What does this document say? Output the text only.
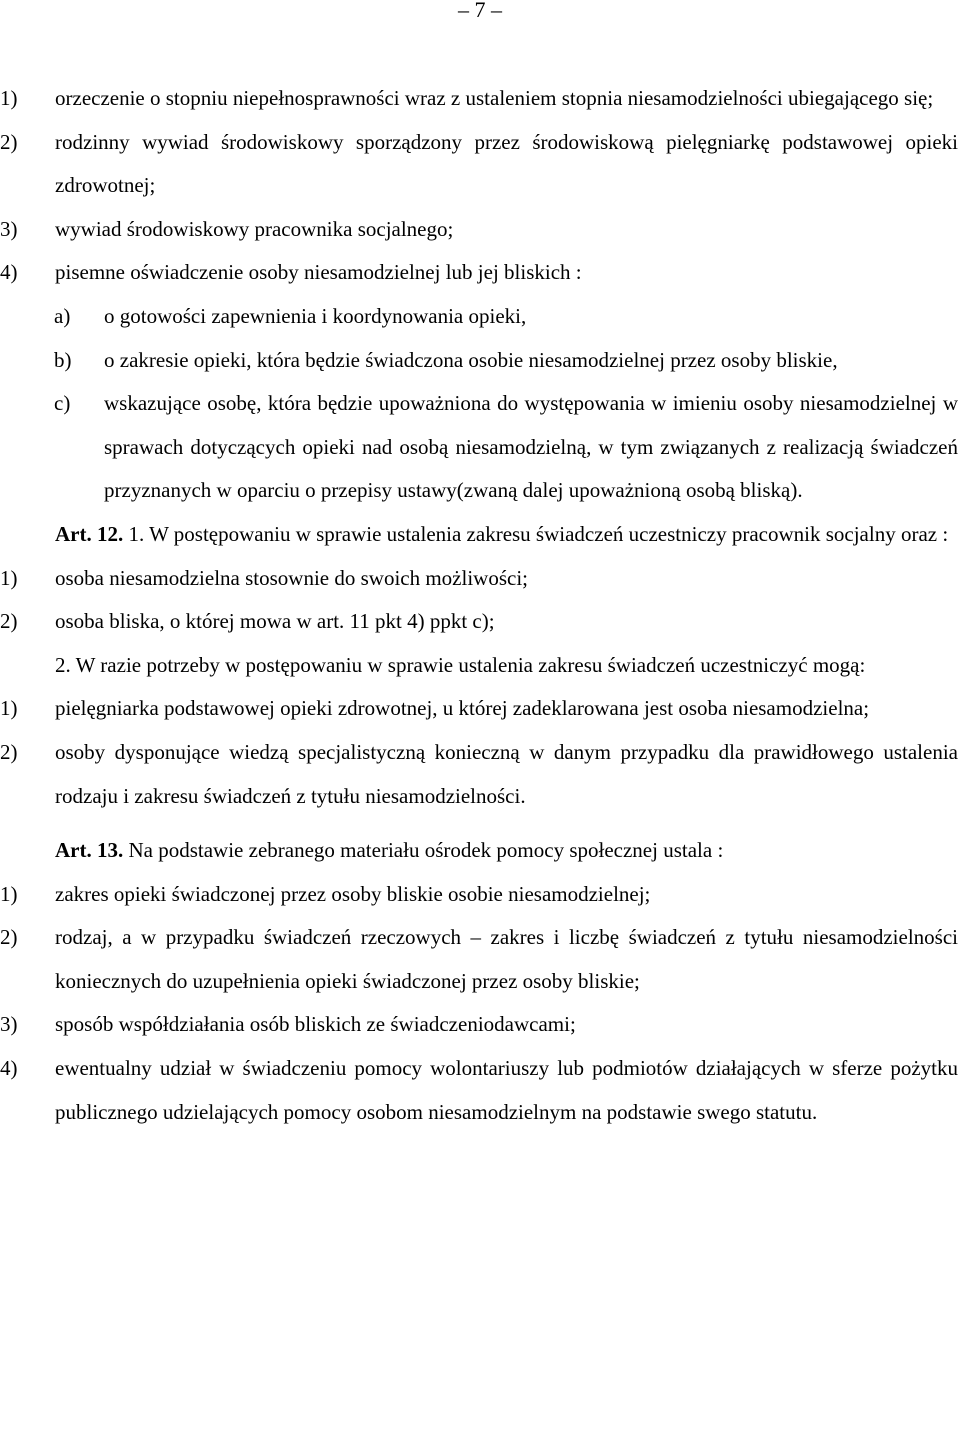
– 7 –
1) orzeczenie o stopniu niepełnosprawności wraz z ustaleniem stopnia niesamodzielności ubiegającego się;
2) rodzinny wywiad środowiskowy sporządzony przez środowiskową pielęgniarkę podstawowej opieki zdrowotnej;
3) wywiad środowiskowy pracownika socjalnego;
4) pisemne oświadczenie osoby niesamodzielnej lub jej bliskich :
a) o gotowości zapewnienia i koordynowania opieki,
b) o zakresie opieki, która będzie świadczona osobie niesamodzielnej przez osoby bliskie,
c) wskazujące osobę, która będzie upoważniona do występowania w imieniu osoby niesamodzielnej w sprawach dotyczących opieki nad osobą niesamodzielną, w tym związanych z realizacją świadczeń przyznanych w oparciu o przepisy ustawy(zwaną dalej upoważnioną osobą bliską).
Art. 12. 1. W postępowaniu w sprawie ustalenia zakresu świadczeń uczestniczy pracownik socjalny oraz :
1) osoba niesamodzielna stosownie do swoich możliwości;
2) osoba bliska, o której mowa w art. 11 pkt 4) ppkt c);
2. W razie potrzeby w postępowaniu w sprawie ustalenia zakresu świadczeń uczestniczyć mogą:
1) pielęgniarka podstawowej opieki zdrowotnej, u której zadeklarowana jest osoba niesamodzielna;
2) osoby dysponujące wiedzą specjalistyczną konieczną w danym przypadku dla prawidłowego ustalenia rodzaju i zakresu świadczeń z tytułu niesamodzielności.
Art. 13. Na podstawie zebranego materiału ośrodek pomocy społecznej ustala :
1) zakres opieki świadczonej przez osoby bliskie osobie niesamodzielnej;
2) rodzaj, a w przypadku świadczeń rzeczowych – zakres i liczbę świadczeń z tytułu niesamodzielności koniecznych do uzupełnienia opieki świadczonej przez osoby bliskie;
3) sposób współdziałania osób bliskich ze świadczeniodawcami;
4) ewentualny udział w świadczeniu pomocy wolontariuszy lub podmiotów działających w sferze pożytku publicznego udzielających pomocy osobom niesamodzielnym na podstawie swego statutu.
